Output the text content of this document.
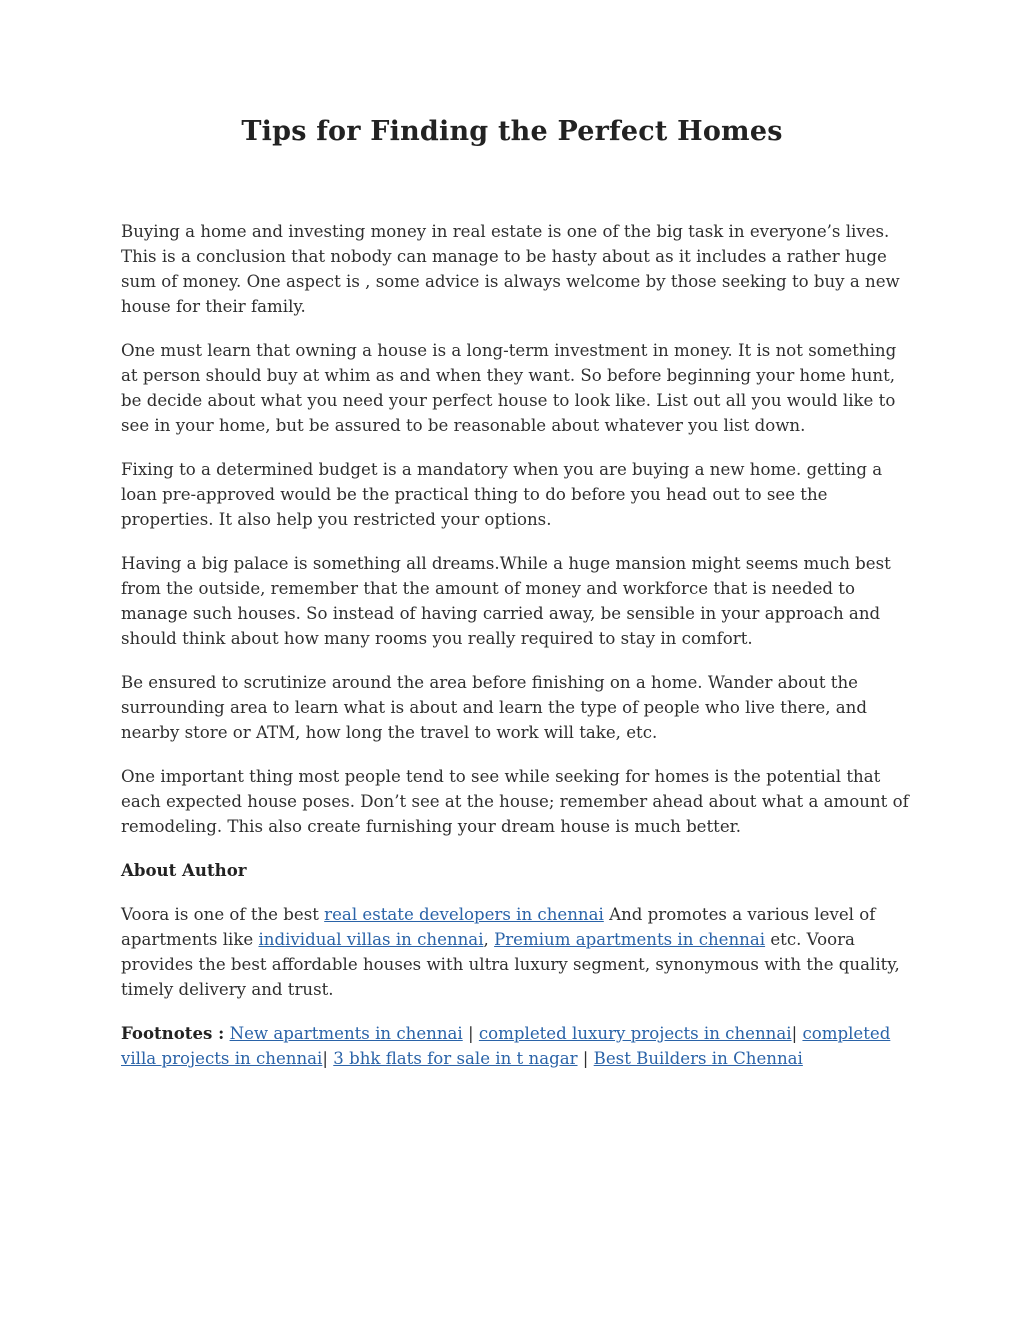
Tips for Finding the Perfect Homes

Buying a home and investing money in real estate is one of the big task in everyone’s lives. This is a conclusion that nobody can manage to be hasty about as it includes a rather huge sum of money. One aspect is , some advice is always welcome by those seeking to buy a new house for their family.

One must learn that owning a house is a long-term investment in money. It is not something at person should buy at whim as and when they want. So before beginning your home hunt, be decide about what you need your perfect house to look like. List out all you would like to see in your home, but be assured to be reasonable about whatever you list down.

Fixing to a determined budget is a mandatory when you are buying a new home. getting a loan pre-approved would be the practical thing to do before you head out to see the properties. It also help you restricted your options.

Having a big palace is something all dreams.While a huge mansion might seems much best from the outside, remember that the amount of money and workforce that is needed to manage such houses. So instead of having carried away, be sensible in your approach and should think about how many rooms you really required to stay in comfort.

Be ensured to scrutinize around the area before finishing on a home. Wander about the surrounding area to learn what is about and learn the type of people who live there, and nearby store or ATM, how long the travel to work will take, etc.

One important thing most people tend to see while seeking for homes is the potential that each expected house poses. Don’t see at the house; remember ahead about what a amount of remodeling. This also create furnishing your dream house is much better.

About Author

Voora is one of the best real estate developers in chennai And promotes a various level of apartments like individual villas in chennai, Premium apartments in chennai etc. Voora provides the best affordable houses with ultra luxury segment, synonymous with the quality, timely delivery and trust.

Footnotes : New apartments in chennai | completed luxury projects in chennai| completed villa projects in chennai| 3 bhk flats for sale in t nagar | Best Builders in Chennai
